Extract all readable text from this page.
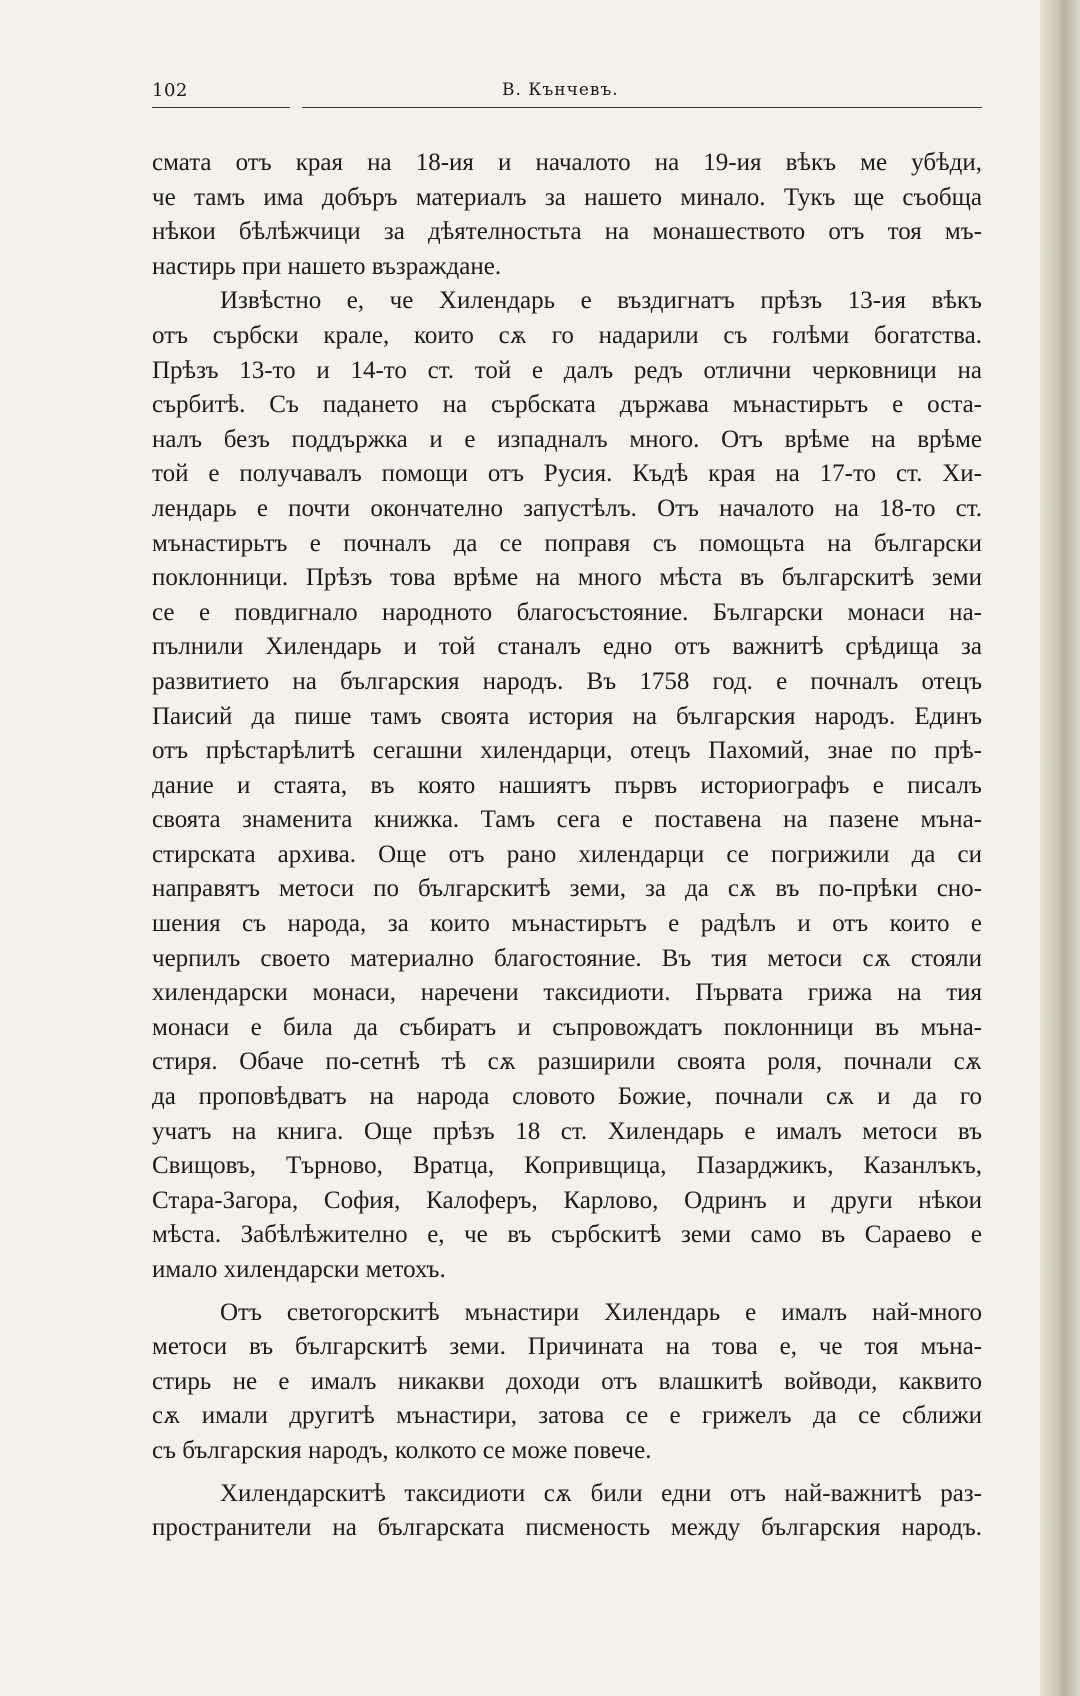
102	В. Кънчевъ.

смата отъ края на 18-ия и началото на 19-ия вѣкъ ме убѣди,

че тамъ има добъръ материалъ за нашето миналo. Тукъ ще съобща

нѣкои бѣлѣжчици за дѣятелностьта на монашеството отъ тоя мъ-

настирь при нашето възраждане.

Извѣстно е, че Хилендарь е въздигнатъ прѣзъ 13-ия вѣкъ

отъ сърбски крале, които сѫ го надарили съ голѣми богатства.

Прѣзъ 13-то и 14-то ст. той е далъ редъ отлични черковници на

сърбитѣ. Съ падането на сърбската държава мънастирьтъ е оста-

налъ безъ поддържка и е изпадналъ много. Отъ врѣме на врѣме

той е получавалъ помощи отъ Русия. Къдѣ края на 17-то ст. Хи-

лендарь е почти окончателно запустѣлъ. Отъ началото на 18-то ст.

мънастирьтъ е почналъ да се поправя съ помощьта на български

поклонници. Прѣзъ това врѣме на много мѣста въ българскитѣ земи

се е повдигнало народното благосъстояние. Български монаси на-

пълнили Хилендарь и той станалъ едно отъ важнитѣ срѣдища за

развитието на българския народъ. Въ 1758 год. е почналъ отецъ

Паисий да пише тамъ своята история на българския народъ. Единъ

отъ прѣстарѣлитѣ сегашни хилендарци, отецъ Пахомий, знае по прѣ-

дание и стаята, въ която нашиятъ първъ историографъ е писалъ

своята знаменита книжка. Тамъ сега е поставена на пазене мъна-

стирската архива. Още отъ рано хилендарци се погрижили да си

направятъ метоси по българскитѣ земи, за да сѫ въ по-прѣки сно-

шения съ народа, за които мънастирьтъ е радѣлъ и отъ които е

черпилъ своето материално благостояние. Въ тия метоси сѫ стояли

хилендарски монаси, наречени таксидиоти. Първата грижа на тия

монаси е била да събиратъ и съпровождатъ поклонници въ мъна-

стиря. Обаче по-сетнѣ тѣ сѫ разширили своята роля, почнали сѫ

да проповѣдватъ на народа словото Божие, почнали сѫ и да го

учатъ на книга. Още прѣзъ 18 ст. Хилендарь е ималъ метоси въ

Свищовъ, Търново, Вратца, Копривщица, Пазарджикъ, Казанлъкъ,

Стара-Загора, София, Калоферъ, Карлово, Одринъ и други нѣкои

мѣста. Забѣлѣжително е, че въ сърбскитѣ земи само въ Сараево е

имало хилендарски метохъ.

Отъ светогорскитѣ мънастири Хилендарь е ималъ най-много

метоси въ българскитѣ земи. Причината на това е, че тоя мъна-

стирь не е ималъ никакви доходи отъ влашкитѣ войводи, каквито

сѫ имали другитѣ мънастири, затова се е грижелъ да се сближи

съ българския народъ, колкото се може повече.

Хилендарскитѣ таксидиоти сѫ били едни отъ най-важнитѣ раз-

пространители на българската писменость между българския народъ.
